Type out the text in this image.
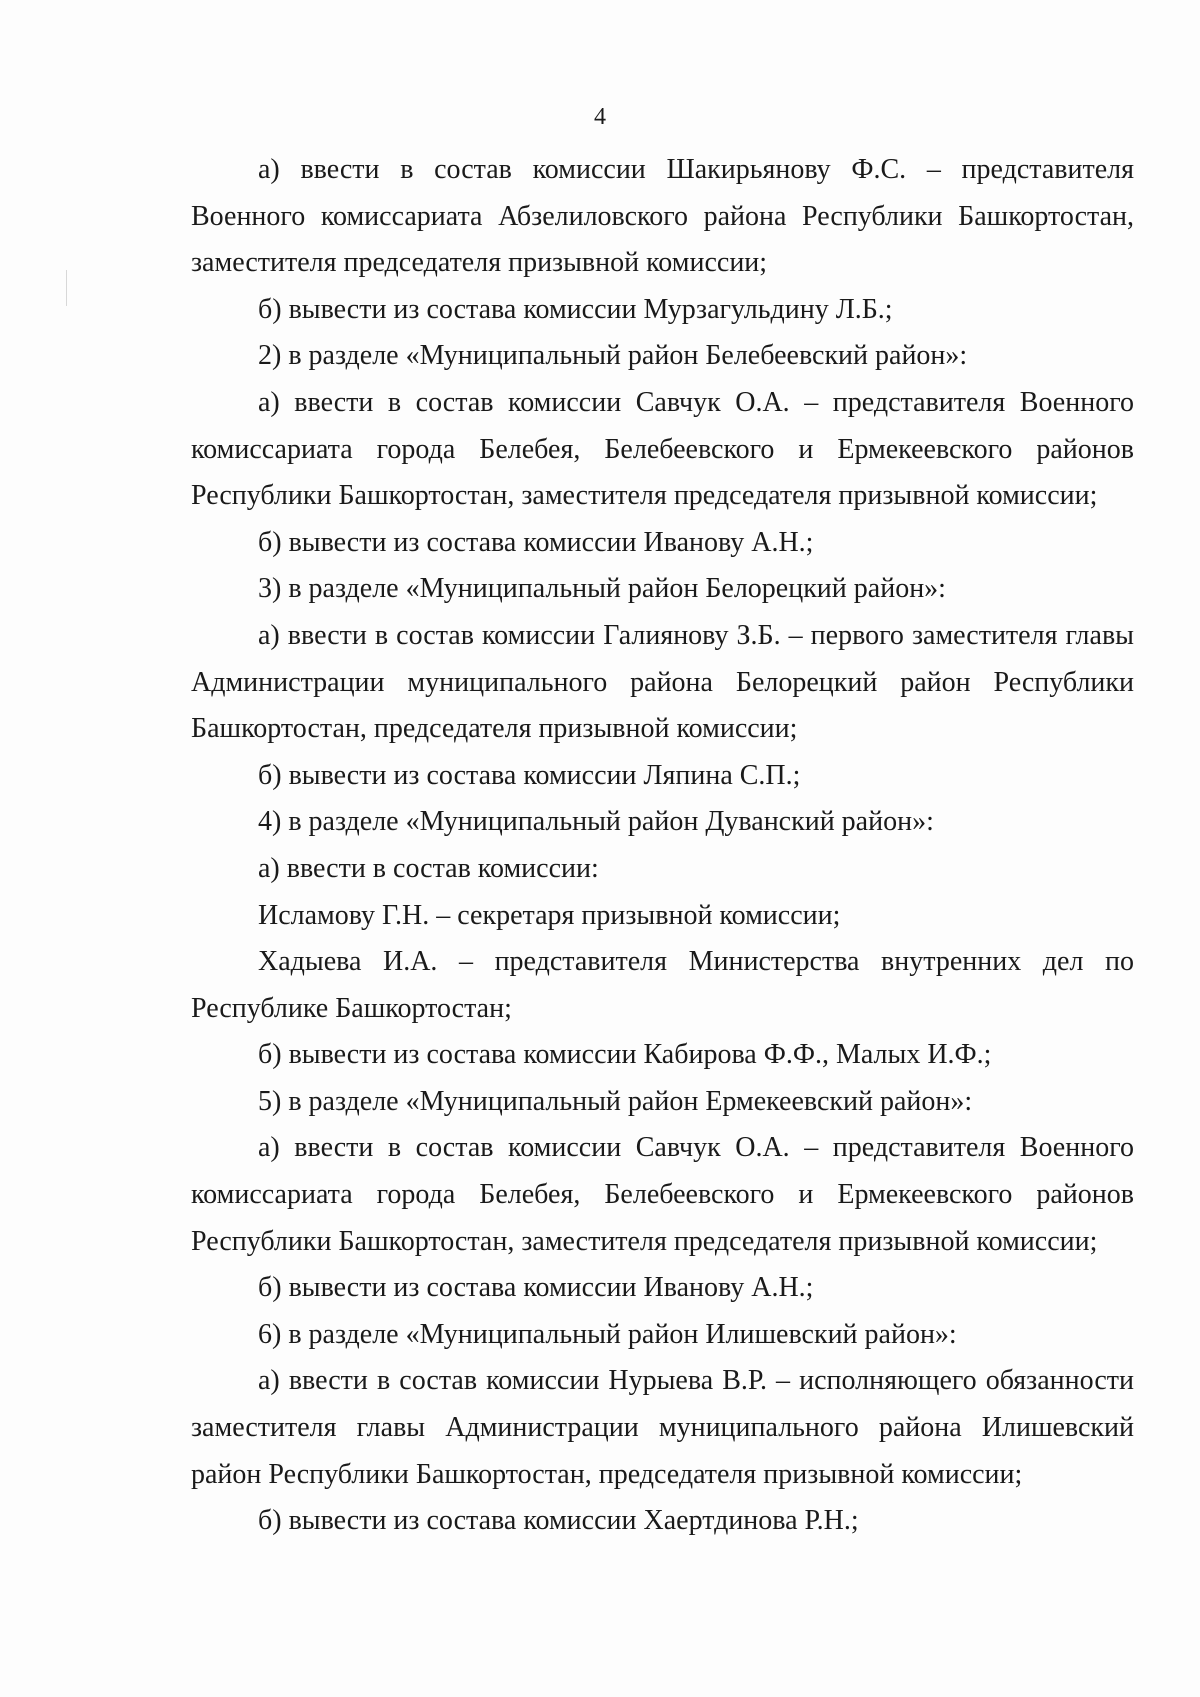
4

а) ввести в состав комиссии Шакирьянову Ф.С. – представителя Военного комиссариата Абзелиловского района Республики Башкортостан, заместителя председателя призывной комиссии;

б) вывести из состава комиссии Мурзагульдину Л.Б.;

2) в разделе «Муниципальный район Белебеевский район»:

а) ввести в состав комиссии Савчук О.А. – представителя Военного комиссариата города Белебея, Белебеевского и Ермекеевского районов Республики Башкортостан, заместителя председателя призывной комиссии;

б) вывести из состава комиссии Иванову А.Н.;

3) в разделе «Муниципальный район Белорецкий район»:

а) ввести в состав комиссии Галиянову З.Б. – первого заместителя главы Администрации муниципального района Белорецкий район Республики Башкортостан, председателя призывной комиссии;

б) вывести из состава комиссии Ляпина С.П.;

4) в разделе «Муниципальный район Дуванский район»:

а) ввести в состав комиссии:

Исламову Г.Н. – секретаря призывной комиссии;

Хадыева И.А. – представителя Министерства внутренних дел по Республике Башкортостан;

б) вывести из состава комиссии Кабирова Ф.Ф., Малых И.Ф.;

5) в разделе «Муниципальный район Ермекеевский район»:

а) ввести в состав комиссии Савчук О.А. – представителя Военного комиссариата города Белебея, Белебеевского и Ермекеевского районов Республики Башкортостан, заместителя председателя призывной комиссии;

б) вывести из состава комиссии Иванову А.Н.;

6) в разделе «Муниципальный район Илишевский район»:

а) ввести в состав комиссии Нурыева В.Р. – исполняющего обязанности заместителя главы Администрации муниципального района Илишевский район Республики Башкортостан, председателя призывной комиссии;

б) вывести из состава комиссии Хаертдинова Р.Н.;
